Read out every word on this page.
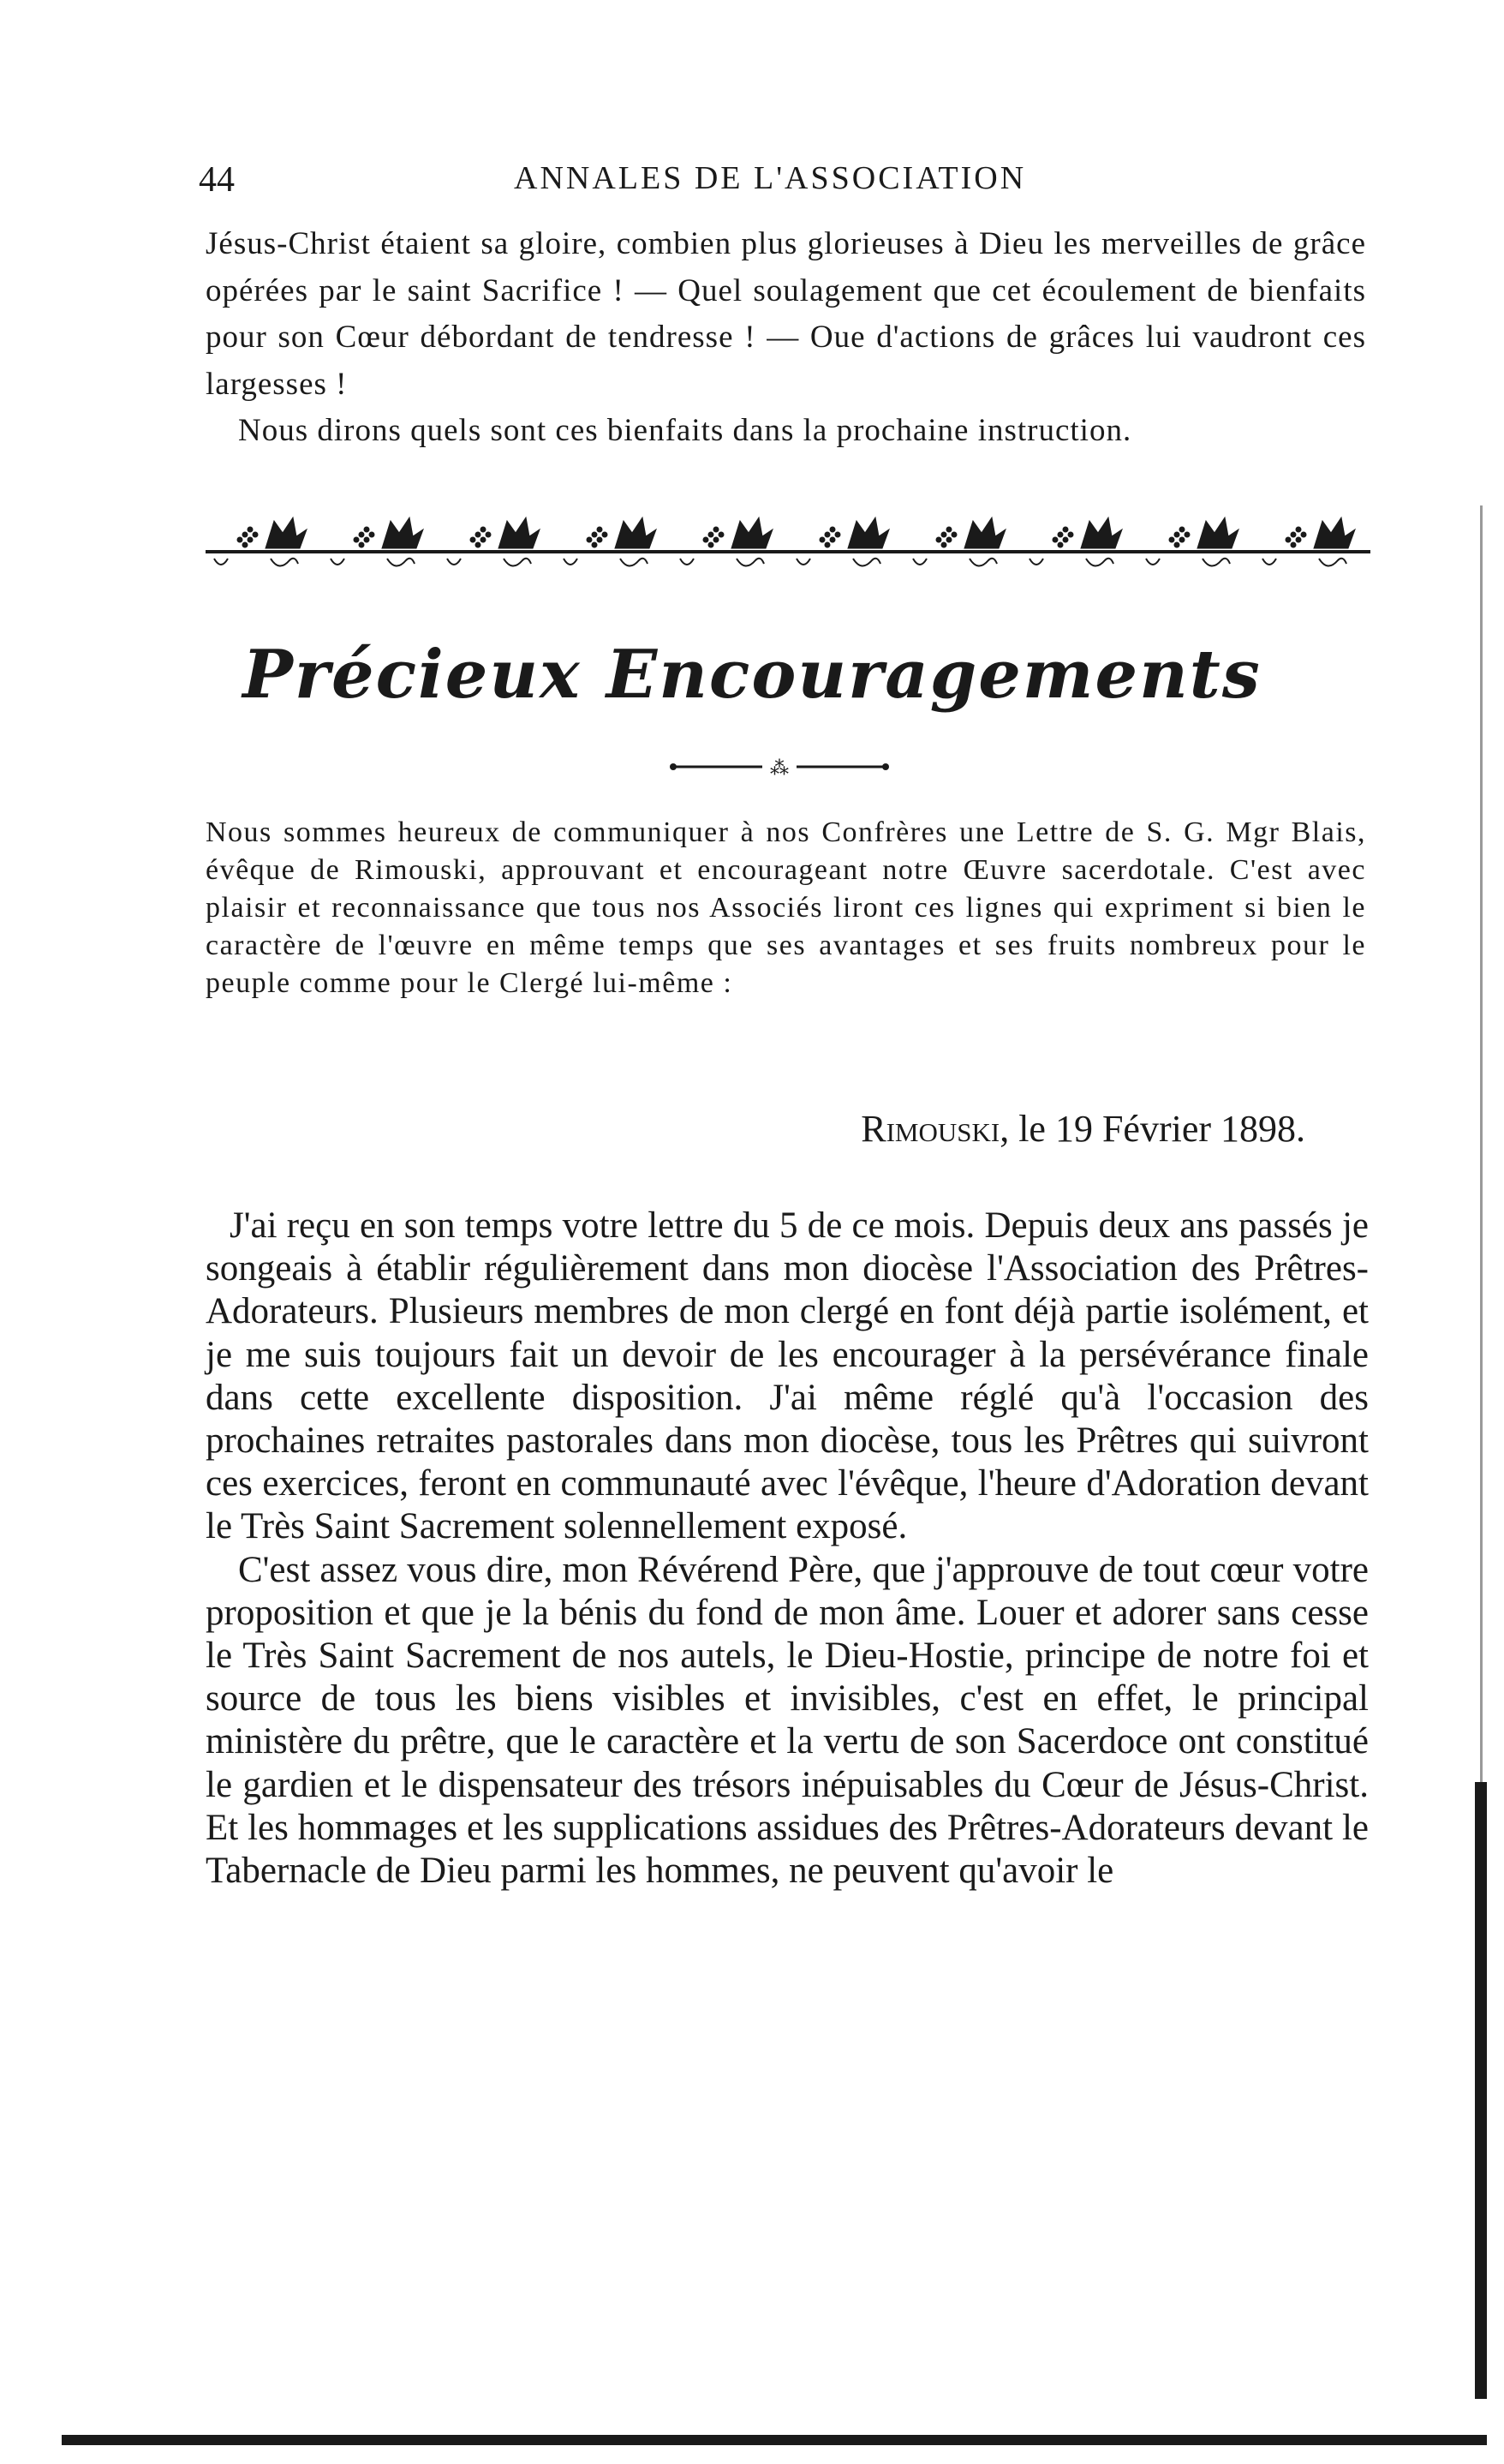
44	ANNALES DE L'ASSOCIATION
Jésus-Christ étaient sa gloire, combien plus glorieuses à Dieu les merveilles de grâce opérées par le saint Sacrifice ! — Quel soulagement que cet écoulement de bienfaits pour son Cœur débordant de tendresse ! — Oue d'actions de grâces lui vaudront ces largesses !
Nous dirons quels sont ces bienfaits dans la prochaine instruction.
Précieux Encouragements
⁂
Nous sommes heureux de communiquer à nos Confrères une Lettre de S. G. Mgr Blais, évêque de Rimouski, approuvant et encourageant notre Œuvre sacerdotale. C'est avec plaisir et reconnaissance que tous nos Associés liront ces lignes qui expriment si bien le caractère de l'œuvre en même temps que ses avantages et ses fruits nombreux pour le peuple comme pour le Clergé lui-même :
Rimouski, le 19 Février 1898.

J'ai reçu en son temps votre lettre du 5 de ce mois. Depuis deux ans passés je songeais à établir régulièrement dans mon diocèse l'Association des Prêtres-Adorateurs. Plusieurs membres de mon clergé en font déjà partie isolément, et je me suis toujours fait un devoir de les encourager à la persévérance finale dans cette excellente disposition. J'ai même réglé qu'à l'occasion des prochaines retraites pastorales dans mon diocèse, tous les Prêtres qui suivront ces exercices, feront en communauté avec l'évêque, l'heure d'Adoration devant le Très Saint Sacrement solennellement exposé.

C'est assez vous dire, mon Révérend Père, que j'approuve de tout cœur votre proposition et que je la bénis du fond de mon âme. Louer et adorer sans cesse le Très Saint Sacrement de nos autels, le Dieu-Hostie, principe de notre foi et source de tous les biens visibles et invisibles, c'est en effet, le principal ministère du prêtre, que le caractère et la vertu de son Sacerdoce ont constitué le gardien et le dispensateur des trésors inépuisables du Cœur de Jésus-Christ. Et les hommages et les supplications assidues des Prêtres-Adorateurs devant le Tabernacle de Dieu parmi les hommes, ne peuvent qu'avoir le
